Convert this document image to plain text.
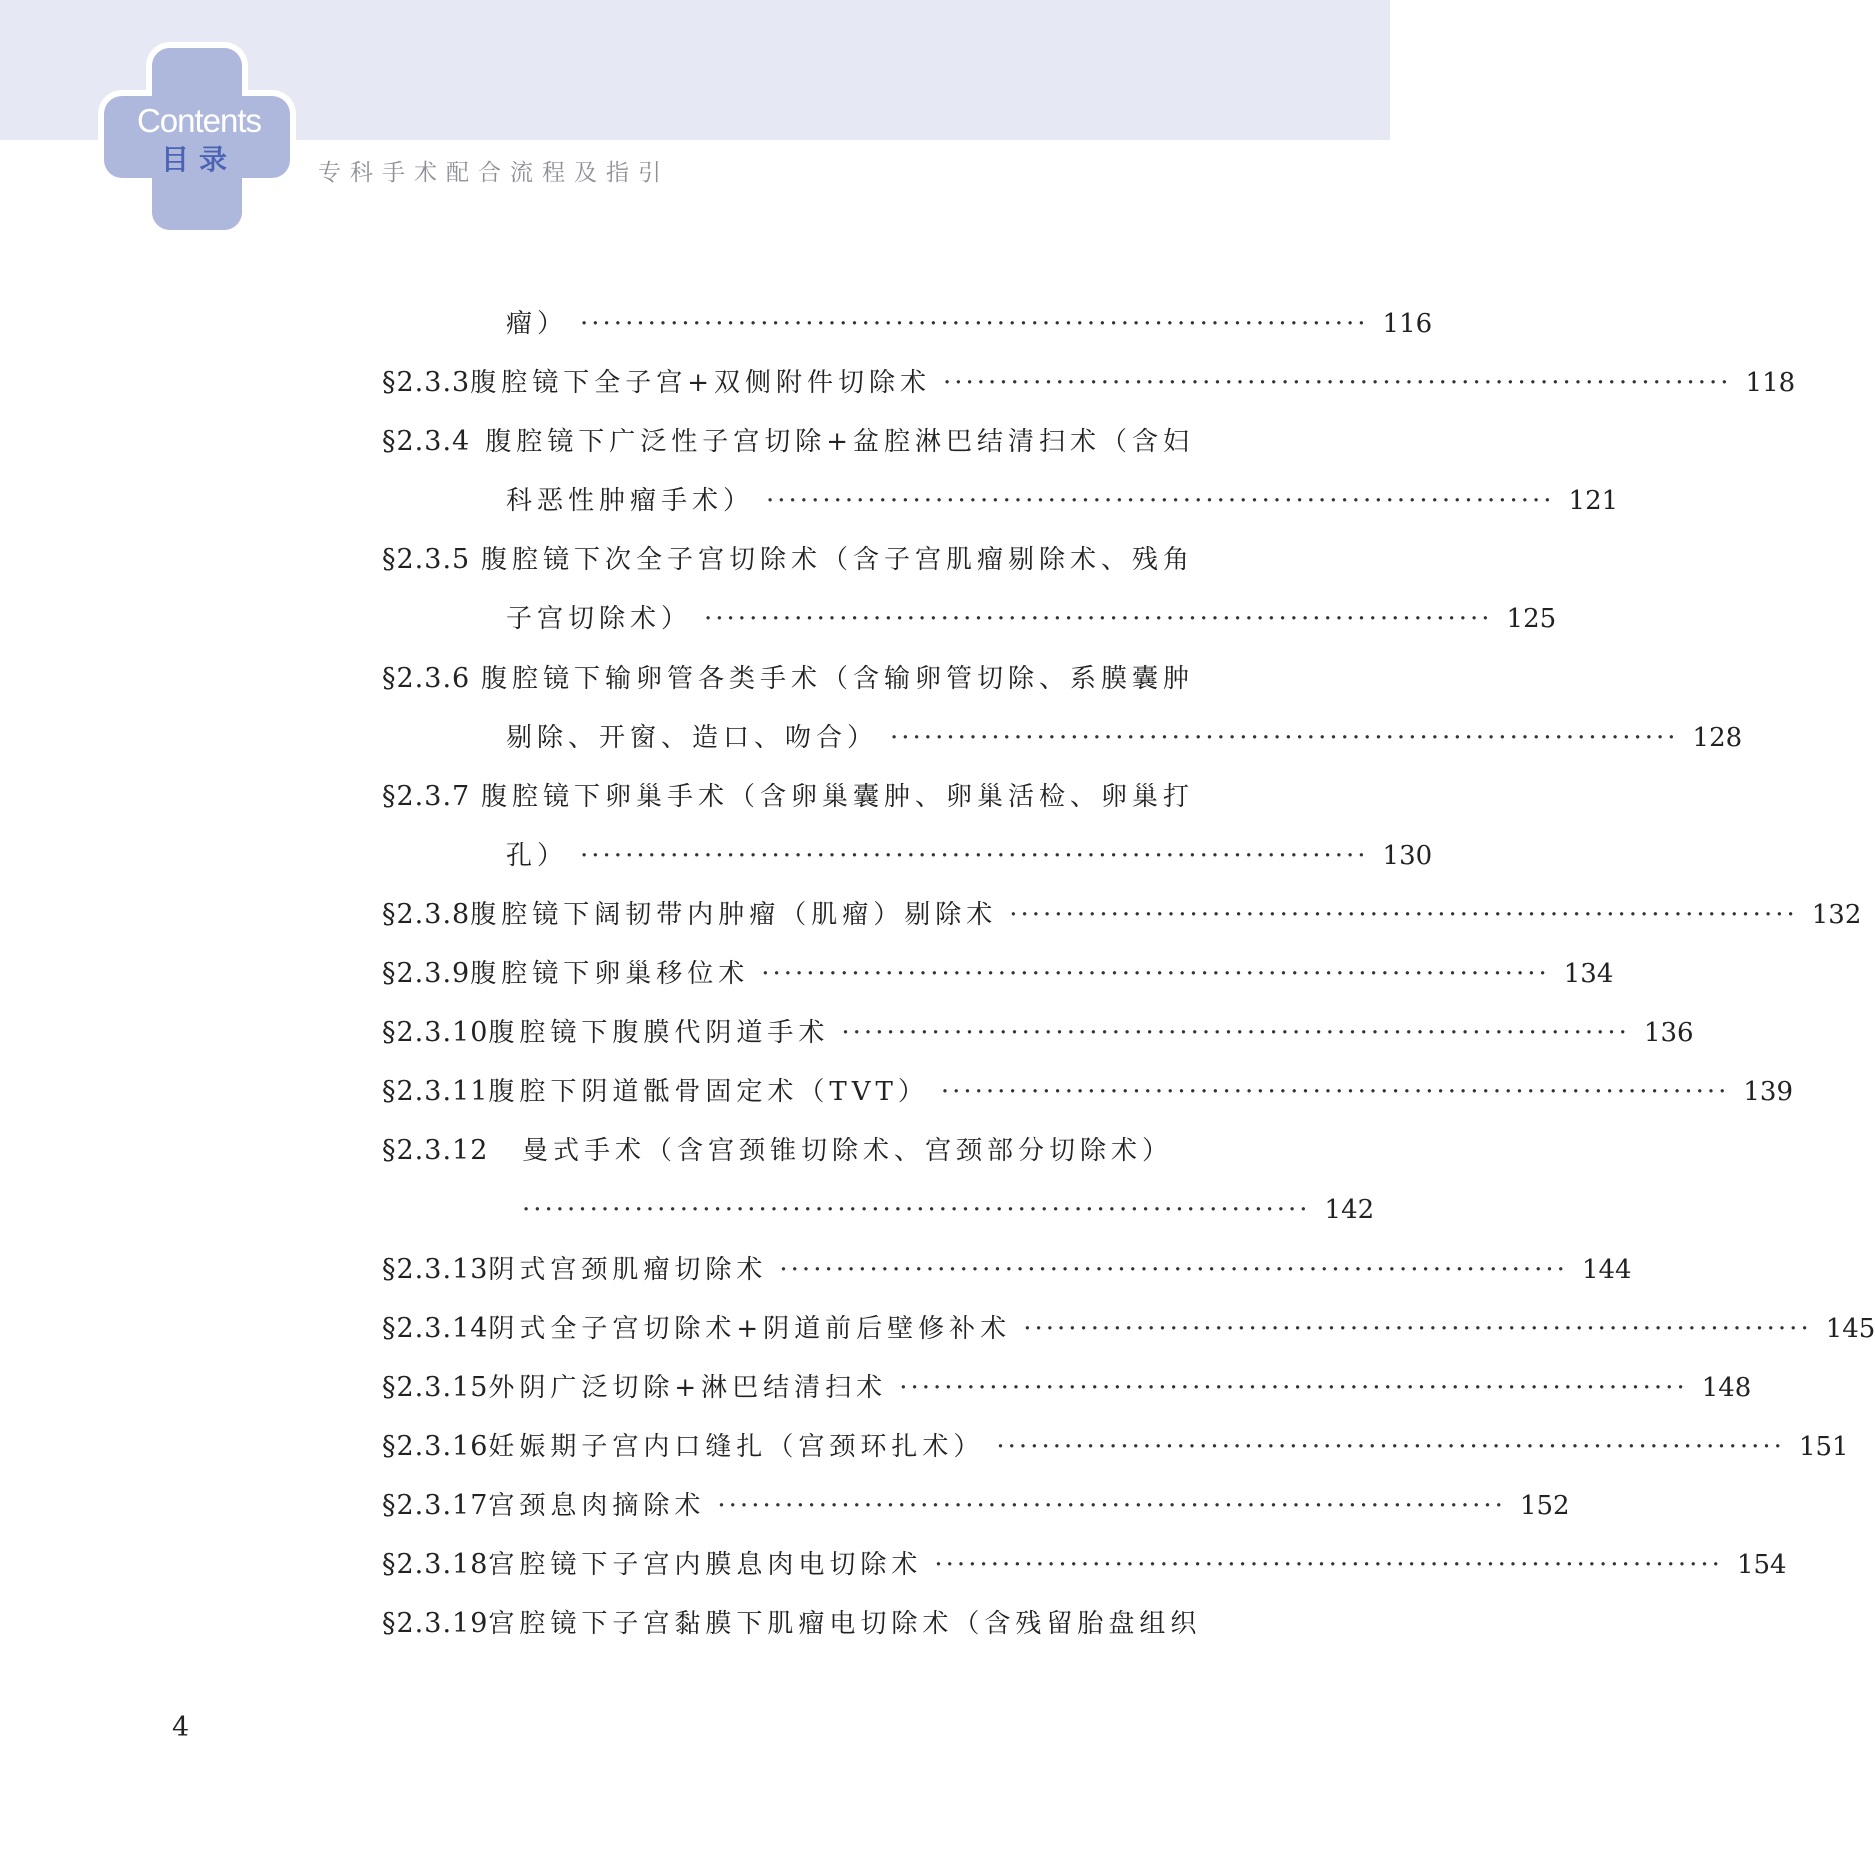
Contents
目录	专科手术配合流程及指引
瘤） ······································································ 116
§2.3.3 腹腔镜下全子宫+双侧附件切除术 ······································································ 118
§2.3.4 腹腔镜下广泛性子宫切除+盆腔淋巴结清扫术（含妇
科恶性肿瘤手术） ······································································ 121
§2.3.5 腹腔镜下次全子宫切除术（含子宫肌瘤剔除术、残角
子宫切除术） ······································································ 125
§2.3.6 腹腔镜下输卵管各类手术（含输卵管切除、系膜囊肿
剔除、开窗、造口、吻合） ······································································ 128
§2.3.7 腹腔镜下卵巢手术（含卵巢囊肿、卵巢活检、卵巢打
孔） ······································································ 130
§2.3.8 腹腔镜下阔韧带内肿瘤（肌瘤）剔除术 ······································································ 132
§2.3.9 腹腔镜下卵巢移位术 ······································································ 134
§2.3.10 腹腔镜下腹膜代阴道手术 ······································································ 136
§2.3.11 腹腔下阴道骶骨固定术（TVT） ······································································ 139
§2.3.12	曼式手术（含宫颈锥切除术、宫颈部分切除术）
······································································ 142
§2.3.13 阴式宫颈肌瘤切除术 ······································································ 144
§2.3.14 阴式全子宫切除术+阴道前后壁修补术 ······································································ 145
§2.3.15 外阴广泛切除+淋巴结清扫术 ······································································ 148
§2.3.16 妊娠期子宫内口缝扎（宫颈环扎术） ······································································ 151
§2.3.17 宫颈息肉摘除术 ······································································ 152
§2.3.18 宫腔镜下子宫内膜息肉电切除术 ······································································ 154
§2.3.19 宫腔镜下子宫黏膜下肌瘤电切除术（含残留胎盘组织
4
